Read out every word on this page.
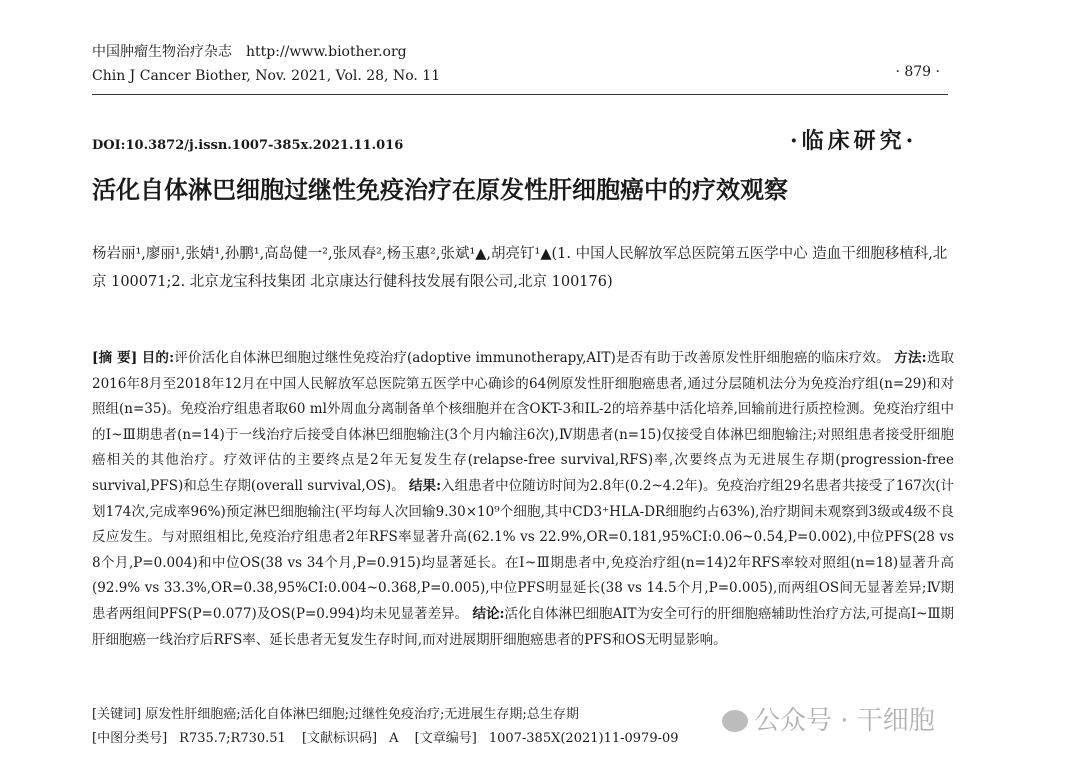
中国肿瘤生物治疗杂志 http://www.biother.org
Chin J Cancer Biother, Nov. 2021, Vol. 28, No. 11	· 879 ·
DOI:10.3872/j.issn.1007-385x.2021.11.016	·临床研究·
活化自体淋巴细胞过继性免疫治疗在原发性肝细胞癌中的疗效观察
杨岩丽¹,廖丽¹,张婧¹,孙鹏¹,高岛健一²,张凤春²,杨玉惠²,张斌¹▲,胡亮钉¹▲(1. 中国人民解放军总医院第五医学中心 造血干细胞移植科,北京 100071;2. 北京龙宝科技集团 北京康达行健科技发展有限公司,北京 100176)
[摘 要] 目的:评价活化自体淋巴细胞过继性免疫治疗(adoptive immunotherapy,AIT)是否有助于改善原发性肝细胞癌的临床疗效。 方法:选取2016年8月至2018年12月在中国人民解放军总医院第五医学中心确诊的64例原发性肝细胞癌患者,通过分层随机法分为免疫治疗组(n=29)和对照组(n=35)。免疫治疗组患者取60 ml外周血分离制备单个核细胞并在含OKT-3和IL-2的培养基中活化培养,回输前进行质控检测。免疫治疗组中的Ⅰ~Ⅲ期患者(n=14)于一线治疗后接受自体淋巴细胞输注(3个月内输注6次),Ⅳ期患者(n=15)仅接受自体淋巴细胞输注;对照组患者接受肝细胞癌相关的其他治疗。疗效评估的主要终点是2年无复发生存(relapse-free survival,RFS)率,次要终点为无进展生存期(progression-free survival,PFS)和总生存期(overall survival,OS)。 结果:入组患者中位随访时间为2.8年(0.2~4.2年)。免疫治疗组29名患者共接受了167次(计划174次,完成率96%)预定淋巴细胞输注(平均每人次回输9.30×10⁹个细胞,其中CD3⁺HLA-DR细胞约占63%),治疗期间未观察到3级或4级不良反应发生。与对照组相比,免疫治疗组患者2年RFS率显著升高(62.1% vs 22.9%,OR=0.181,95%CI:0.06~0.54,P=0.002),中位PFS(28 vs 8个月,P=0.004)和中位OS(38 vs 34个月,P=0.915)均显著延长。在Ⅰ~Ⅲ期患者中,免疫治疗组(n=14)2年RFS率较对照组(n=18)显著升高(92.9% vs 33.3%,OR=0.38,95%CI:0.004~0.368,P=0.005),中位PFS明显延长(38 vs 14.5个月,P=0.005),而两组OS间无显著差异;Ⅳ期患者两组间PFS(P=0.077)及OS(P=0.994)均未见显著差异。 结论:活化自体淋巴细胞AIT为安全可行的肝细胞癌辅助性治疗方法,可提高Ⅰ~Ⅲ期肝细胞癌一线治疗后RFS率、延长患者无复发生存时间,而对进展期肝细胞癌患者的PFS和OS无明显影响。
[关键词] 原发性肝细胞癌;活化自体淋巴细胞;过继性免疫治疗;无进展生存期;总生存期
[中图分类号] R735.7;R730.51 [文献标识码] A [文章编号] 1007-385X(2021)11-0979-09
公众号 · 干细胞
